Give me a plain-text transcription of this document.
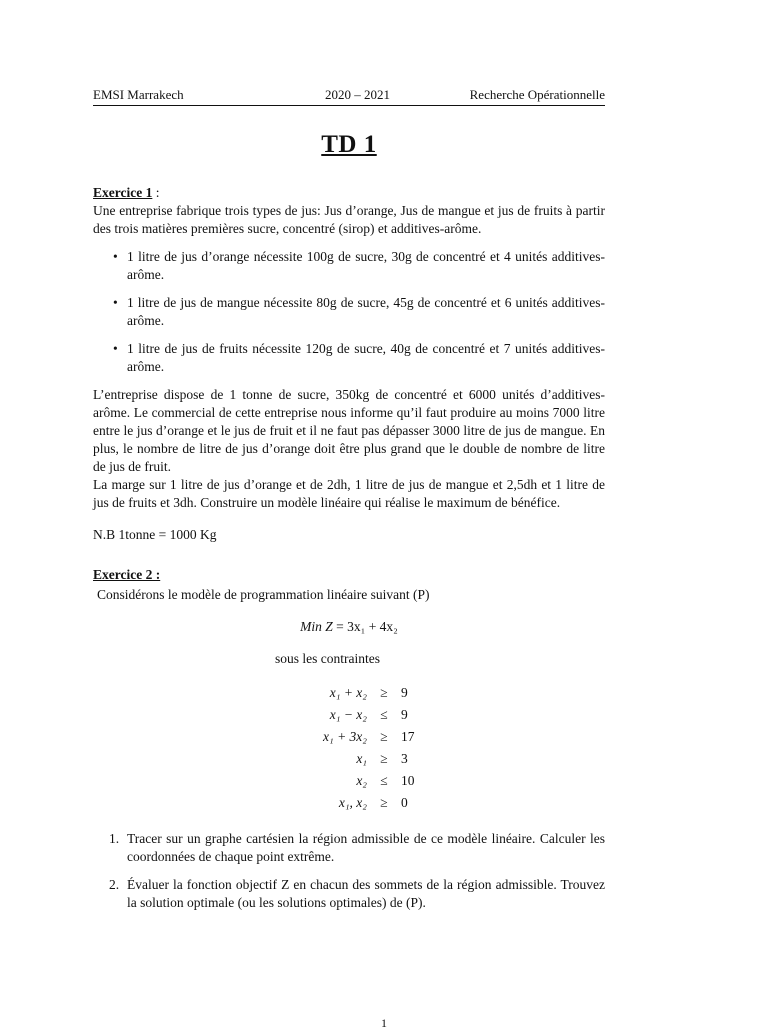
EMSI Marrakech	2020 – 2021	Recherche Opérationnelle
TD 1
Exercice 1 :
Une entreprise fabrique trois types de jus: Jus d’orange, Jus de mangue et jus de fruits à partir des trois matières premières sucre, concentré (sirop) et additives-arôme.
• 1 litre de jus d’orange nécessite 100g de sucre, 30g de concentré et 4 unités additives-arôme.
• 1 litre de jus de mangue nécessite 80g de sucre, 45g de concentré et 6 unités additives-arôme.
• 1 litre de jus de fruits nécessite 120g de sucre, 40g de concentré et 7 unités additives-arôme.
L’entreprise dispose de 1 tonne de sucre, 350kg de concentré et 6000 unités d’additives-arôme. Le commercial de cette entreprise nous informe qu’il faut produire au moins 7000 litre entre le jus d’orange et le jus de fruit et il ne faut pas dépasser 3000 litre de jus de mangue. En plus, le nombre de litre de jus d’orange doit être plus grand que le double de nombre de litre de jus de fruit.
La marge sur 1 litre de jus d’orange et de 2dh, 1 litre de jus de mangue et 2,5dh et 1 litre de jus de fruits et 3dh. Construire un modèle linéaire qui réalise le maximum de bénéfice.
N.B 1tonne = 1000 Kg
Exercice 2 :
Considérons le modèle de programmation linéaire suivant (P)
Min Z = 3x₁ + 4x₂
sous les contraintes
x₁ + x₂	≥	9
x₁ − x₂	≤	9
x₁ + 3x₂	≥	17
x₁	≥	3
x₂	≤	10
x₁, x₂	≥	0
1. Tracer sur un graphe cartésien la région admissible de ce modèle linéaire. Calculer les coordonnées de chaque point extrême.
2. Évaluer la fonction objectif Z en chacun des sommets de la région admissible. Trouvez la solution optimale (ou les solutions optimales) de (P).
1
